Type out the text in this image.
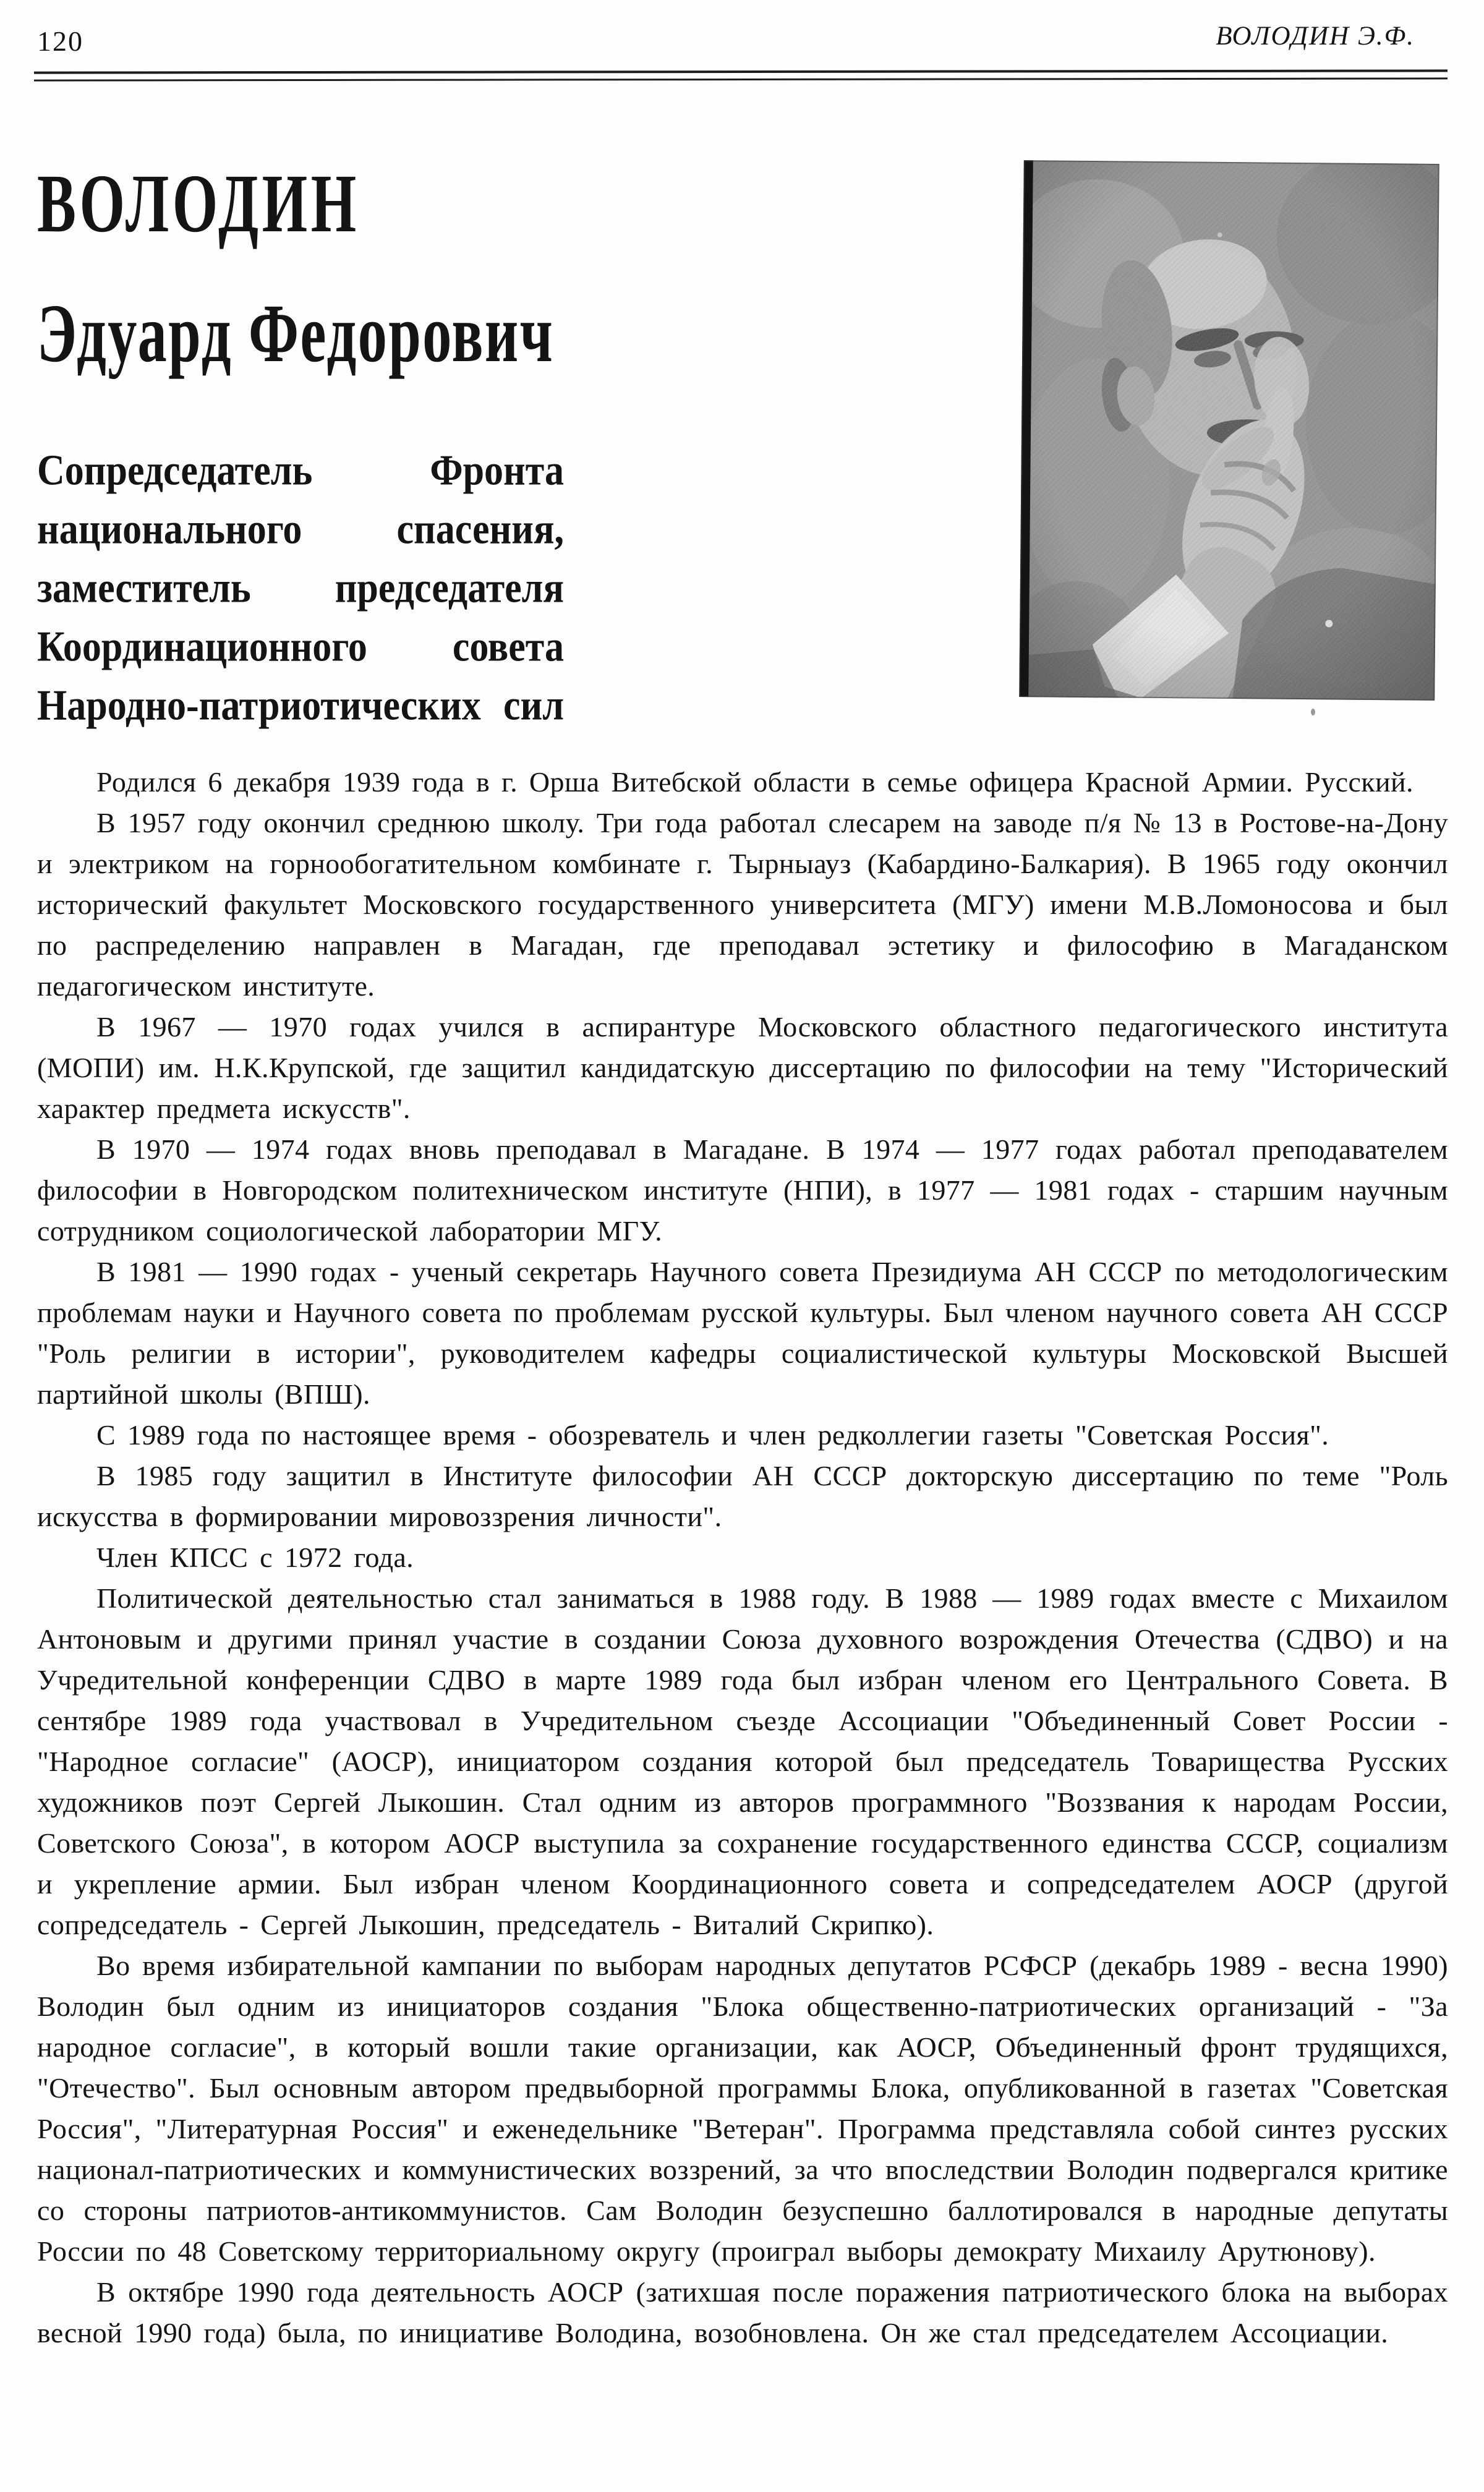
120	ВОЛОДИН Э.Ф.
ВОЛОДИН
Эдуард Федорович
Сопредседатель	Фронта
национального спасения,
заместитель председателя
Координационного совета
Народно-патриотических сил

Родился 6 декабря 1939 года в г. Орша Витебской области в семье офицера Красной Армии. Русский.

В 1957 году окончил среднюю школу. Три года работал слесарем на заводе п/я № 13 в Ростове-на-Дону и электриком на горнообогатительном комбинате г. Тырныауз (Кабардино-Балкария). В 1965 году окончил исторический факультет Московского государственного университета (МГУ) имени М.В.Ломоносова и был по распределению направлен в Магадан, где преподавал эстетику и философию в Магаданском педагогическом институте.

В 1967 — 1970 годах учился в аспирантуре Московского областного педагогического института (МОПИ) им. Н.К.Крупской, где защитил кандидатскую диссертацию по философии на тему "Исторический характер предмета искусств".

В 1970 — 1974 годах вновь преподавал в Магадане. В 1974 — 1977 годах работал преподавателем философии в Новгородском политехническом институте (НПИ), в 1977 — 1981 годах - старшим научным сотрудником социологической лаборатории МГУ.

В 1981 — 1990 годах - ученый секретарь Научного совета Президиума АН СССР по методологическим проблемам науки и Научного совета по проблемам русской культуры. Был членом научного совета АН СССР "Роль религии в истории", руководителем кафедры социалистической культуры Московской Высшей партийной школы (ВПШ).

С 1989 года по настоящее время - обозреватель и член редколлегии газеты "Советская Россия".

В 1985 году защитил в Институте философии АН СССР докторскую диссертацию по теме "Роль искусства в формировании мировоззрения личности".

Член КПСС с 1972 года.

Политической деятельностью стал заниматься в 1988 году. В 1988 — 1989 годах вместе с Михаилом Антоновым и другими принял участие в создании Союза духовного возрождения Отечества (СДВО) и на Учредительной конференции СДВО в марте 1989 года был избран членом его Центрального Совета. В сентябре 1989 года участвовал в Учредительном съезде Ассоциации "Объединенный Совет России - "Народное согласие" (АОСР), инициатором создания которой был председатель Товарищества Русских художников поэт Сергей Лыкошин. Стал одним из авторов программного "Воззвания к народам России, Советского Союза", в котором АОСР выступила за сохранение государственного единства СССР, социализм и укрепление армии. Был избран членом Координационного совета и сопредседателем АОСР (другой сопредседатель - Сергей Лыкошин, председатель - Виталий Скрипко).

Во время избирательной кампании по выборам народных депутатов РСФСР (декабрь 1989 - весна 1990) Володин был одним из инициаторов создания "Блока общественно-патриотических организаций - "За народное согласие", в который вошли такие организации, как АОСР, Объединенный фронт трудящихся, "Отечество". Был основным автором предвыборной программы Блока, опубликованной в газетах "Советская Россия", "Литературная Россия" и еженедельнике "Ветеран". Программа представляла собой синтез русских национал-патриотических и коммунистических воззрений, за что впоследствии Володин подвергался критике со стороны патриотов-антикоммунистов. Сам Володин безуспешно баллотировался в народные депутаты России по 48 Советскому территориальному округу (проиграл выборы демократу Михаилу Арутюнову).

В октябре 1990 года деятельность АОСР (затихшая после поражения патриотического блока на выборах весной 1990 года) была, по инициативе Володина, возобновлена. Он же стал председателем Ассоциации.
